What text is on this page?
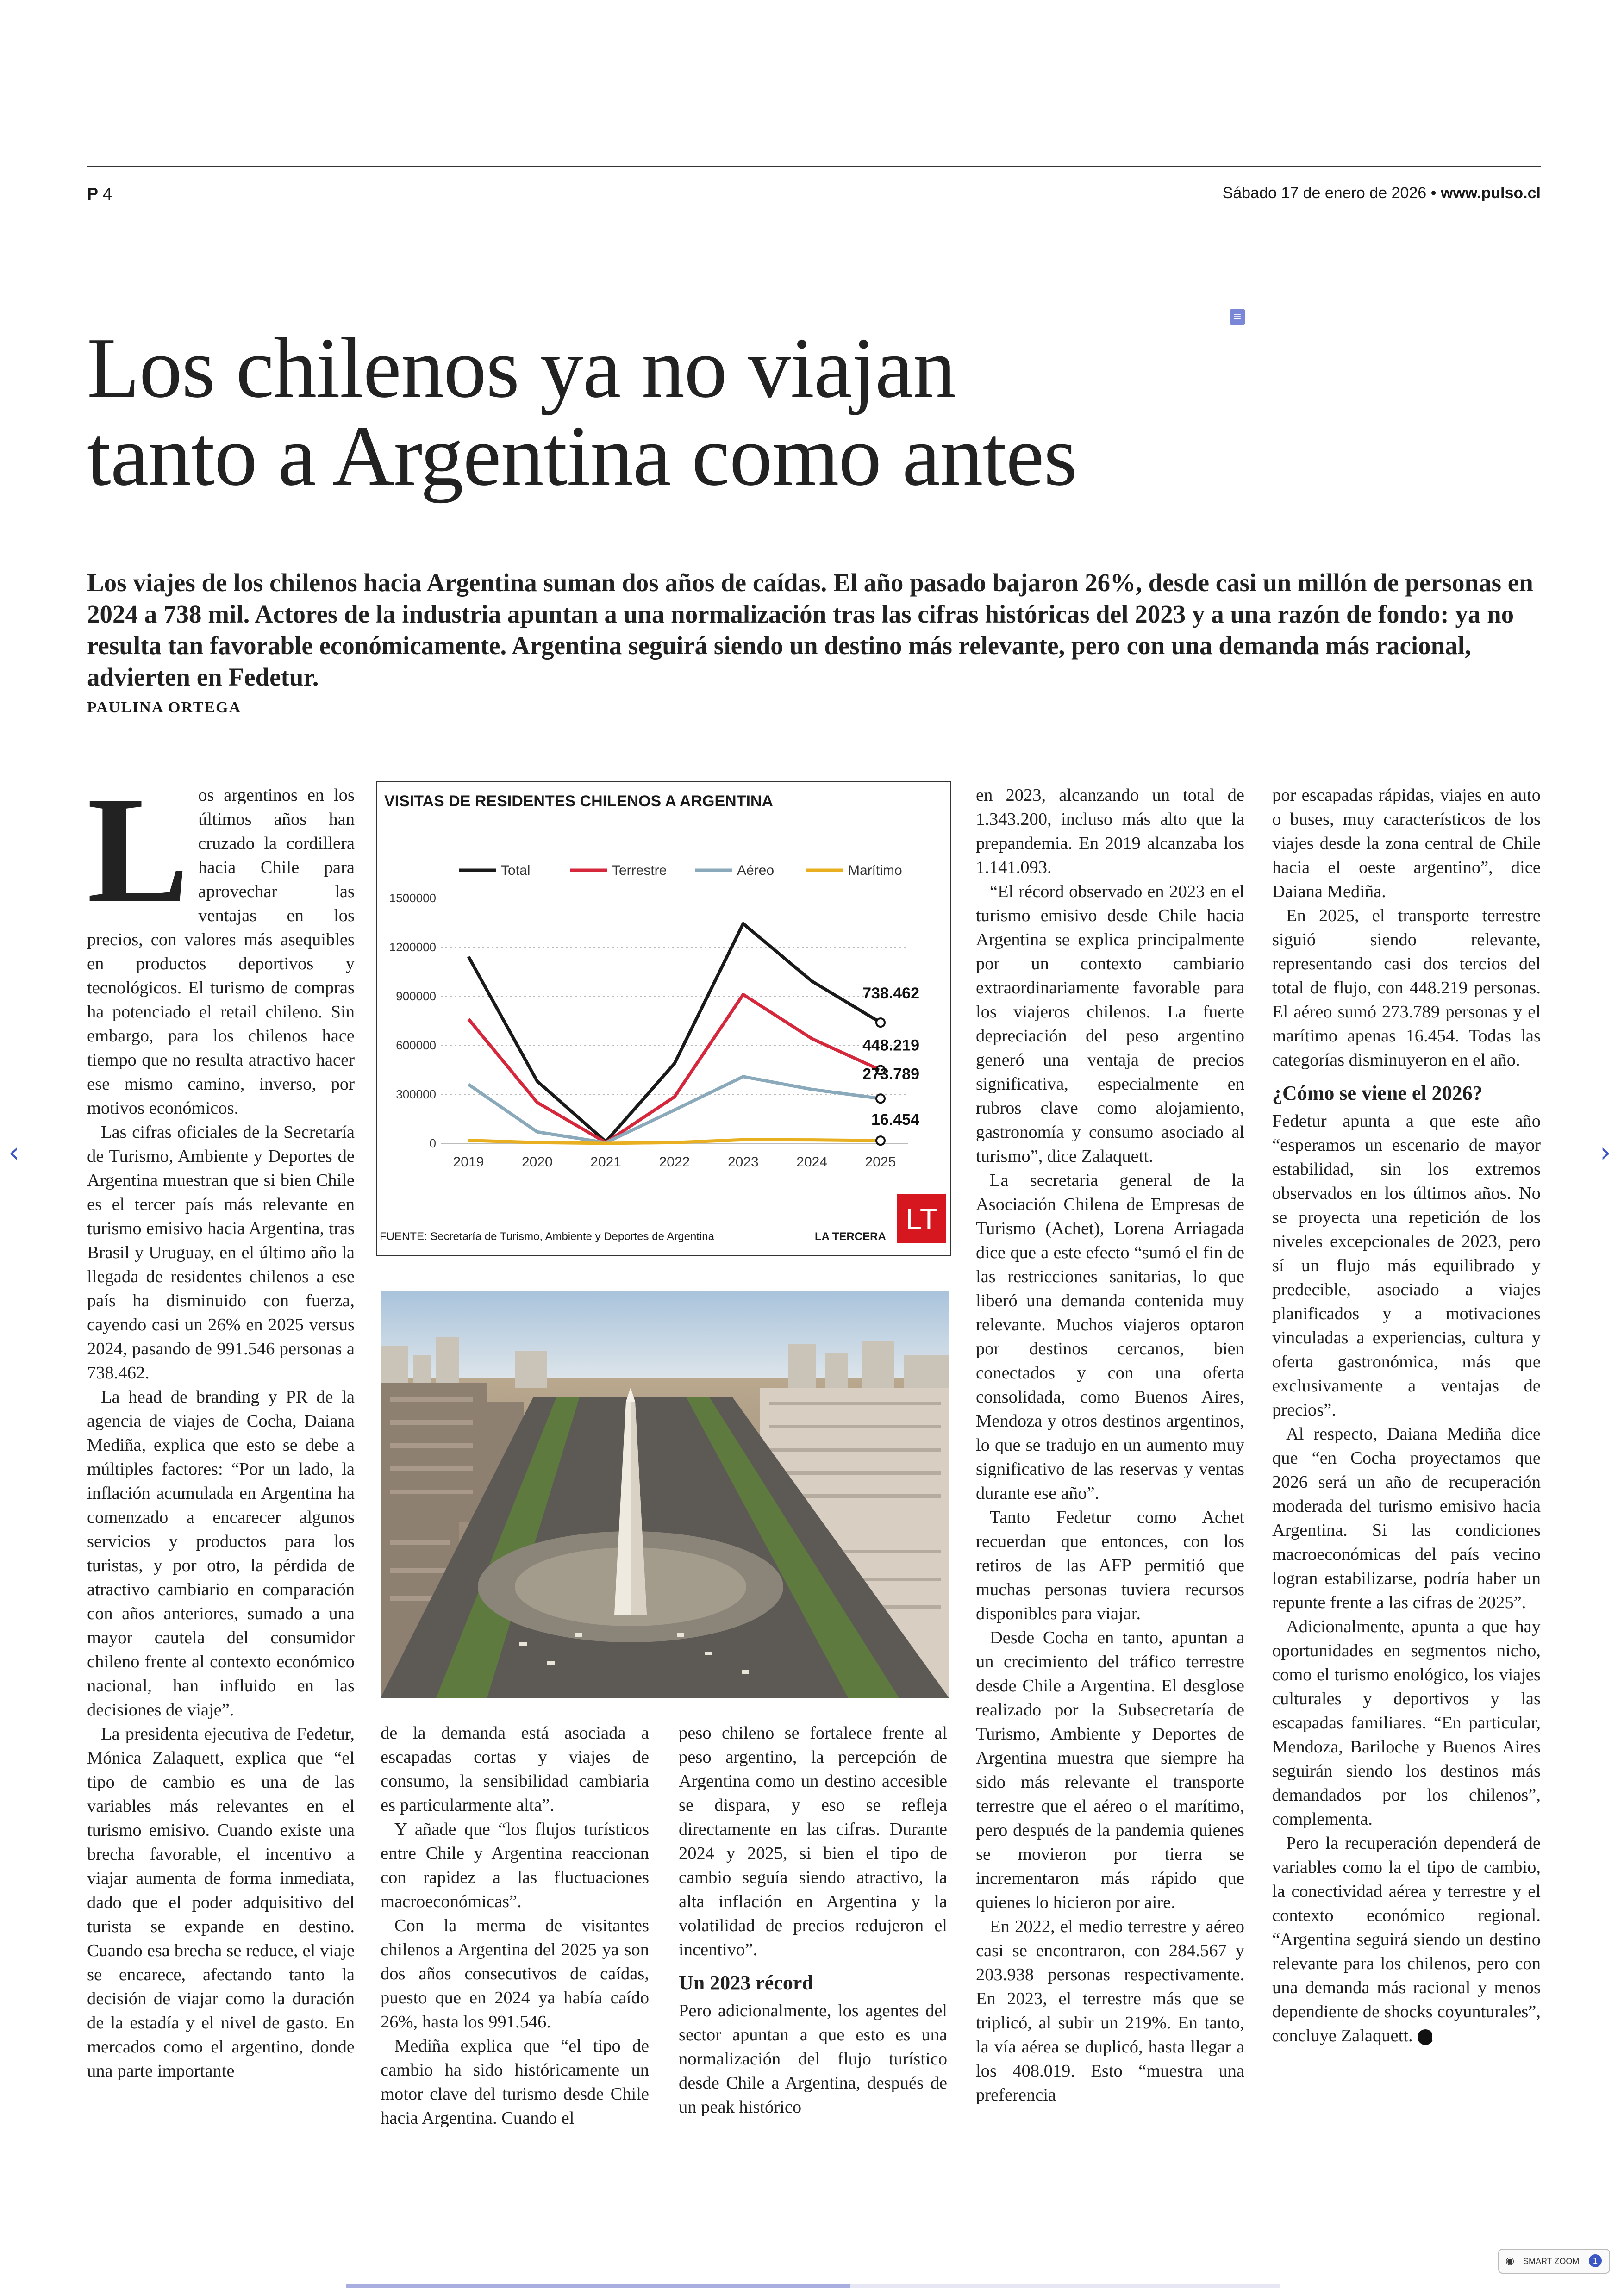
P 4	Sábado 17 de enero de 2026 • www.pulso.cl
≡
Los chilenos ya no viajan
tanto a Argentina como antes
Los viajes de los chilenos hacia Argentina suman dos años de caídas. El año pasado bajaron 26%, desde casi un millón de personas en 2024 a 738 mil. Actores de la industria apuntan a una normalización tras las cifras históricas del 2023 y a una razón de fondo: ya no resulta tan favorable económicamente. Argentina seguirá siendo un destino más relevante, pero con una demanda más racional, advierten en Fedetur.
PAULINA ORTEGA
L os argentinos en los últimos años han cruzado la cordillera hacia Chile para aprovechar las ventajas en los precios, con valores más asequibles en productos deportivos y tecnológicos. El turismo de compras ha potenciado el retail chileno. Sin embargo, para los chilenos hace tiempo que no resulta atractivo hacer ese mismo camino, inverso, por motivos económicos.

Las cifras oficiales de la Secretaría de Turismo, Ambiente y Deportes de Argentina muestran que si bien Chile es el tercer país más relevante en turismo emisivo hacia Argentina, tras Brasil y Uruguay, en el último año la llegada de residentes chilenos a ese país ha disminuido con fuerza, cayendo casi un 26% en 2025 versus 2024, pasando de 991.546 personas a 738.462.

La head de branding y PR de la agencia de viajes de Cocha, Daiana Mediña, explica que esto se debe a múltiples factores: “Por un lado, la inflación acumulada en Argentina ha comenzado a encarecer algunos servicios y productos para los turistas, y por otro, la pérdida de atractivo cambiario en comparación con años anteriores, sumado a una mayor cautela del consumidor chileno frente al contexto económico nacional, han influido en las decisiones de viaje”.

La presidenta ejecutiva de Fedetur, Mónica Zalaquett, explica que “el tipo de cambio es una de las variables más relevantes en el turismo emisivo. Cuando existe una brecha favorable, el incentivo a viajar aumenta de forma inmediata, dado que el poder adquisitivo del turista se expande en destino. Cuando esa brecha se reduce, el viaje se encarece, afectando tanto la decisión de viajar como la duración de la estadía y el nivel de gasto. En mercados como el argentino, donde una parte importante

VISITAS DE RESIDENTES CHILENOS A ARGENTINA
1500000
1200000
900000
600000
300000
0
2019	2020	2021	2022	2023	2024	2025
Total	Terrestre	Aéreo	Marítimo
738.462
448.219
273.789
16.454
FUENTE: Secretaría de Turismo, Ambiente y Deportes de Argentina	LA TERCERA
LT

de la demanda está asociada a escapadas cortas y viajes de consumo, la sensibilidad cambiaria es particularmente alta”.

Y añade que “los flujos turísticos entre Chile y Argentina reaccionan con rapidez a las fluctuaciones macroeconómicas”.

Con la merma de visitantes chilenos a Argentina del 2025 ya son dos años consecutivos de caídas, puesto que en 2024 ya había caído 26%, hasta los 991.546.

Mediña explica que “el tipo de cambio ha sido históricamente un motor clave del turismo desde Chile hacia Argentina. Cuando el

peso chileno se fortalece frente al peso argentino, la percepción de Argentina como un destino accesible se dispara, y eso se refleja directamente en las cifras. Durante 2024 y 2025, si bien el tipo de cambio seguía siendo atractivo, la alta inflación en Argentina y la volatilidad de precios redujeron el incentivo”.

Un 2023 récord

Pero adicionalmente, los agentes del sector apuntan a que esto es una normalización del flujo turístico desde Chile a Argentina, después de un peak histórico

en 2023, alcanzando un total de 1.343.200, incluso más alto que la prepandemia. En 2019 alcanzaba los 1.141.093.

“El récord observado en 2023 en el turismo emisivo desde Chile hacia Argentina se explica principalmente por un contexto cambiario extraordinariamente favorable para los viajeros chilenos. La fuerte depreciación del peso argentino generó una ventaja de precios significativa, especialmente en rubros clave como alojamiento, gastronomía y consumo asociado al turismo”, dice Zalaquett.

La secretaria general de la Asociación Chilena de Empresas de Turismo (Achet), Lorena Arriagada dice que a este efecto “sumó el fin de las restricciones sanitarias, lo que liberó una demanda contenida muy relevante. Muchos viajeros optaron por destinos cercanos, bien conectados y con una oferta consolidada, como Buenos Aires, Mendoza y otros destinos argentinos, lo que se tradujo en un aumento muy significativo de las reservas y ventas durante ese año”.

Tanto Fedetur como Achet recuerdan que entonces, con los retiros de las AFP permitió que muchas personas tuviera recursos disponibles para viajar.

Desde Cocha en tanto, apuntan a un crecimiento del tráfico terrestre desde Chile a Argentina. El desglose realizado por la Subsecretaría de Turismo, Ambiente y Deportes de Argentina muestra que siempre ha sido más relevante el transporte terrestre que el aéreo o el marítimo, pero después de la pandemia quienes se movieron por tierra se incrementaron más rápido que quienes lo hicieron por aire.

En 2022, el medio terrestre y aéreo casi se encontraron, con 284.567 y 203.938 personas respectivamente. En 2023, el terrestre más que se triplicó, al subir un 219%. En tanto, la vía aérea se duplicó, hasta llegar a los 408.019. Esto “muestra una preferencia

por escapadas rápidas, viajes en auto o buses, muy característicos de los viajes desde la zona central de Chile hacia el oeste argentino”, dice Daiana Mediña.

En 2025, el transporte terrestre siguió siendo relevante, representando casi dos tercios del total de flujo, con 448.219 personas. El aéreo sumó 273.789 personas y el marítimo apenas 16.454. Todas las categorías disminuyeron en el año.

¿Cómo se viene el 2026?

Fedetur apunta a que este año “esperamos un escenario de mayor estabilidad, sin los extremos observados en los últimos años. No se proyecta una repetición de los niveles excepcionales de 2023, pero sí un flujo más equilibrado y predecible, asociado a viajes planificados y a motivaciones vinculadas a experiencias, cultura y oferta gastronómica, más que exclusivamente a ventajas de precios”.

Al respecto, Daiana Mediña dice que “en Cocha proyectamos que 2026 será un año de recuperación moderada del turismo emisivo hacia Argentina. Si las condiciones macroeconómicas del país vecino logran estabilizarse, podría haber un repunte frente a las cifras de 2025”.

Adicionalmente, apunta a que hay oportunidades en segmentos nicho, como el turismo enológico, los viajes culturales y deportivos y las escapadas familiares. “En particular, Mendoza, Bariloche y Buenos Aires seguirán siendo los destinos más demandados por los chilenos”, complementa.

Pero la recuperación dependerá de variables como la el tipo de cambio, la conectividad aérea y terrestre y el contexto económico regional. “Argentina seguirá siendo un destino relevante para los chilenos, pero con una demanda más racional y menos dependiente de shocks coyunturales”, concluye Zalaquett. P

‹	›
◉ SMART ZOOM	1
